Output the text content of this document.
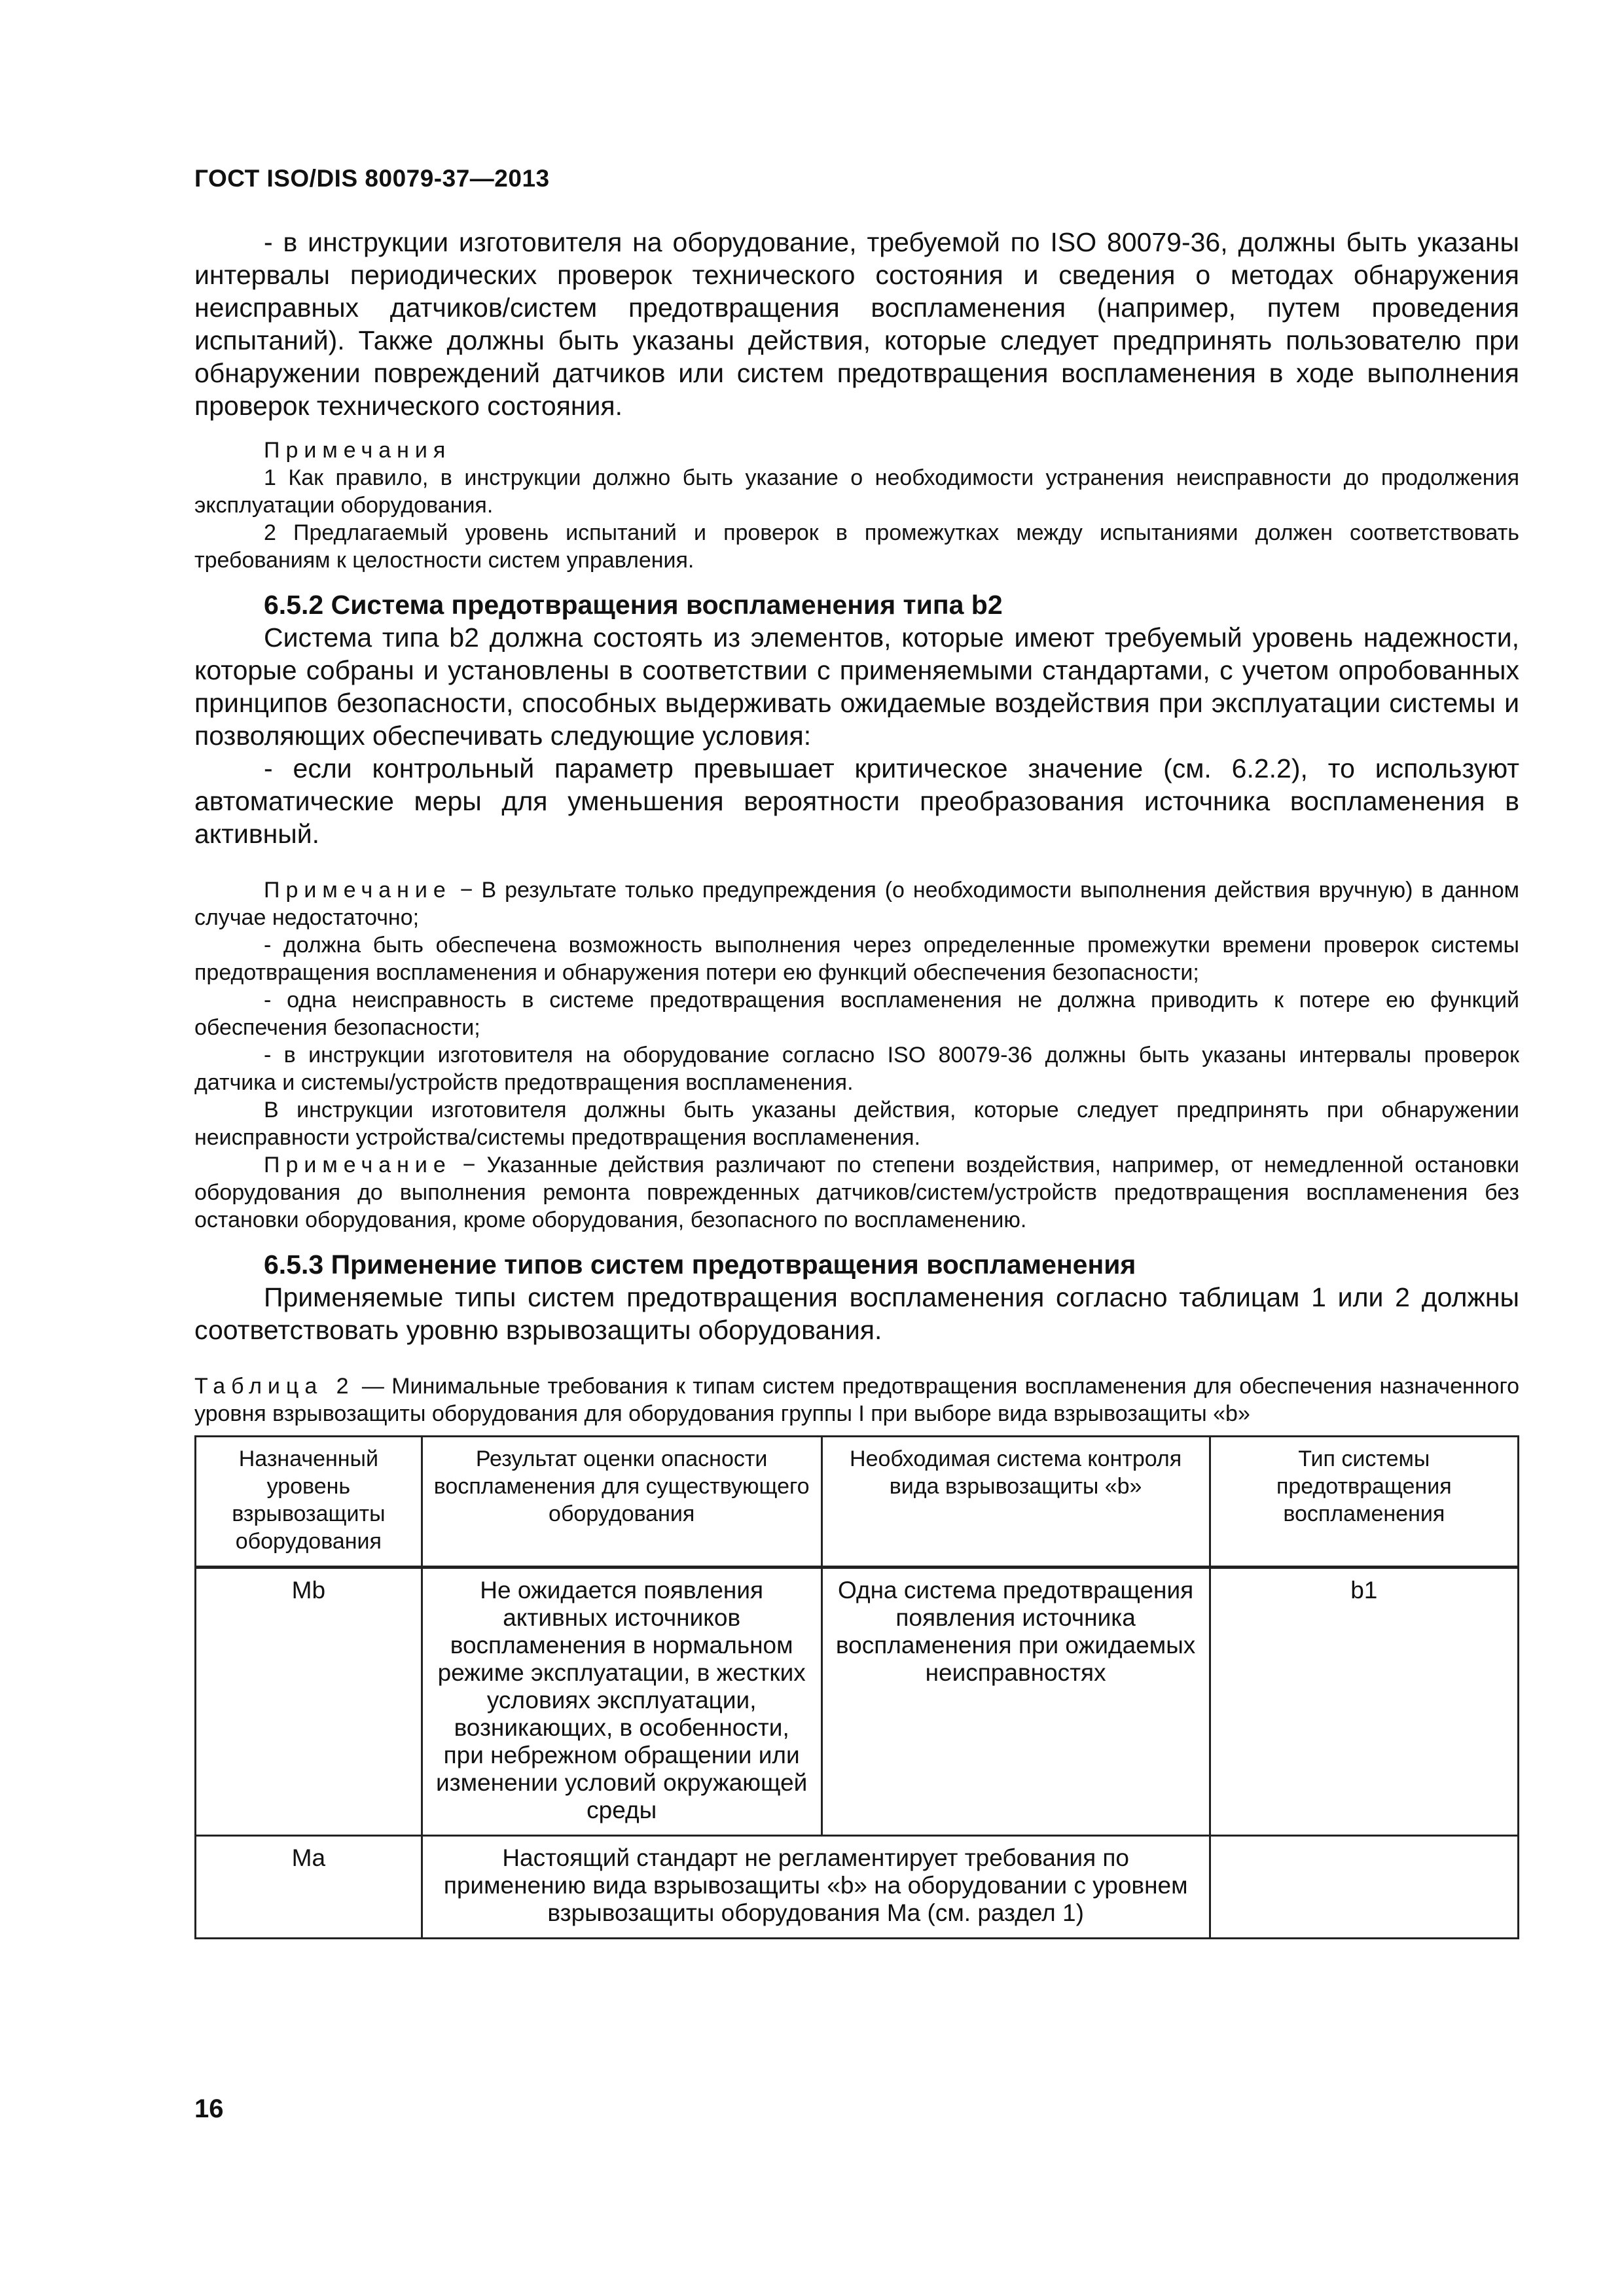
ГОСТ ISO/DIS 80079-37—2013

- в инструкции изготовителя на оборудование, требуемой по ISO 80079-36, должны быть указаны интервалы периодических проверок технического состояния и сведения о методах обнаружения неисправных датчиков/систем предотвращения воспламенения (например, путем проведения испытаний). Также должны быть указаны действия, которые следует предпринять пользователю при обнаружении повреждений датчиков или систем предотвращения воспламенения в ходе выполнения проверок технического состояния.

Примечания

1 Как правило, в инструкции должно быть указание о необходимости устранения неисправности до продолжения эксплуатации оборудования.

2 Предлагаемый уровень испытаний и проверок в промежутках между испытаниями должен соответствовать требованиям к целостности систем управления.

6.5.2 Система предотвращения воспламенения типа b2

Система типа b2 должна состоять из элементов, которые имеют требуемый уровень надежности, которые собраны и установлены в соответствии с применяемыми стандартами, с учетом опробованных принципов безопасности, способных выдерживать ожидаемые воздействия при эксплуатации системы и позволяющих обеспечивать следующие условия:

- если контрольный параметр превышает критическое значение (см. 6.2.2), то используют автоматические меры для уменьшения вероятности преобразования источника воспламенения в активный.

Примечание − В результате только предупреждения (о необходимости выполнения действия вручную) в данном случае недостаточно;

- должна быть обеспечена возможность выполнения через определенные промежутки времени проверок системы предотвращения воспламенения и обнаружения потери ею функций обеспечения безопасности;

- одна неисправность в системе предотвращения воспламенения не должна приводить к потере ею функций обеспечения безопасности;

- в инструкции изготовителя на оборудование согласно ISO 80079-36 должны быть указаны интервалы проверок датчика и системы/устройств предотвращения воспламенения.

В инструкции изготовителя должны быть указаны действия, которые следует предпринять при обнаружении неисправности устройства/системы предотвращения воспламенения.

Примечание − Указанные действия различают по степени воздействия, например, от немедленной остановки оборудования до выполнения ремонта поврежденных датчиков/систем/устройств предотвращения воспламенения без остановки оборудования, кроме оборудования, безопасного по воспламенению.

6.5.3 Применение типов систем предотвращения воспламенения

Применяемые типы систем предотвращения воспламенения согласно таблицам 1 или 2 должны соответствовать уровню взрывозащиты оборудования.

Таблица 2 — Минимальные требования к типам систем предотвращения воспламенения для обеспечения назначенного уровня взрывозащиты оборудования для оборудования группы I при выборе вида взрывозащиты «b»

Назначенный уровень взрывозащиты оборудования	Результат оценки опасности воспламенения для существующего оборудования	Необходимая система контроля вида взрывозащиты «b»	Тип системы предотвращения воспламенения
Mb	Не ожидается появления активных источников воспламенения в нормальном режиме эксплуатации, в жестких условиях эксплуатации, возникающих, в особенности, при небрежном обращении или изменении условий окружающей среды	Одна система предотвращения появления источника воспламенения при ожидаемых неисправностях	b1
Ma	Настоящий стандарт не регламентирует требования по применению вида взрывозащиты «b» на оборудовании с уровнем взрывозащиты оборудования Ma (см. раздел 1)		
16
